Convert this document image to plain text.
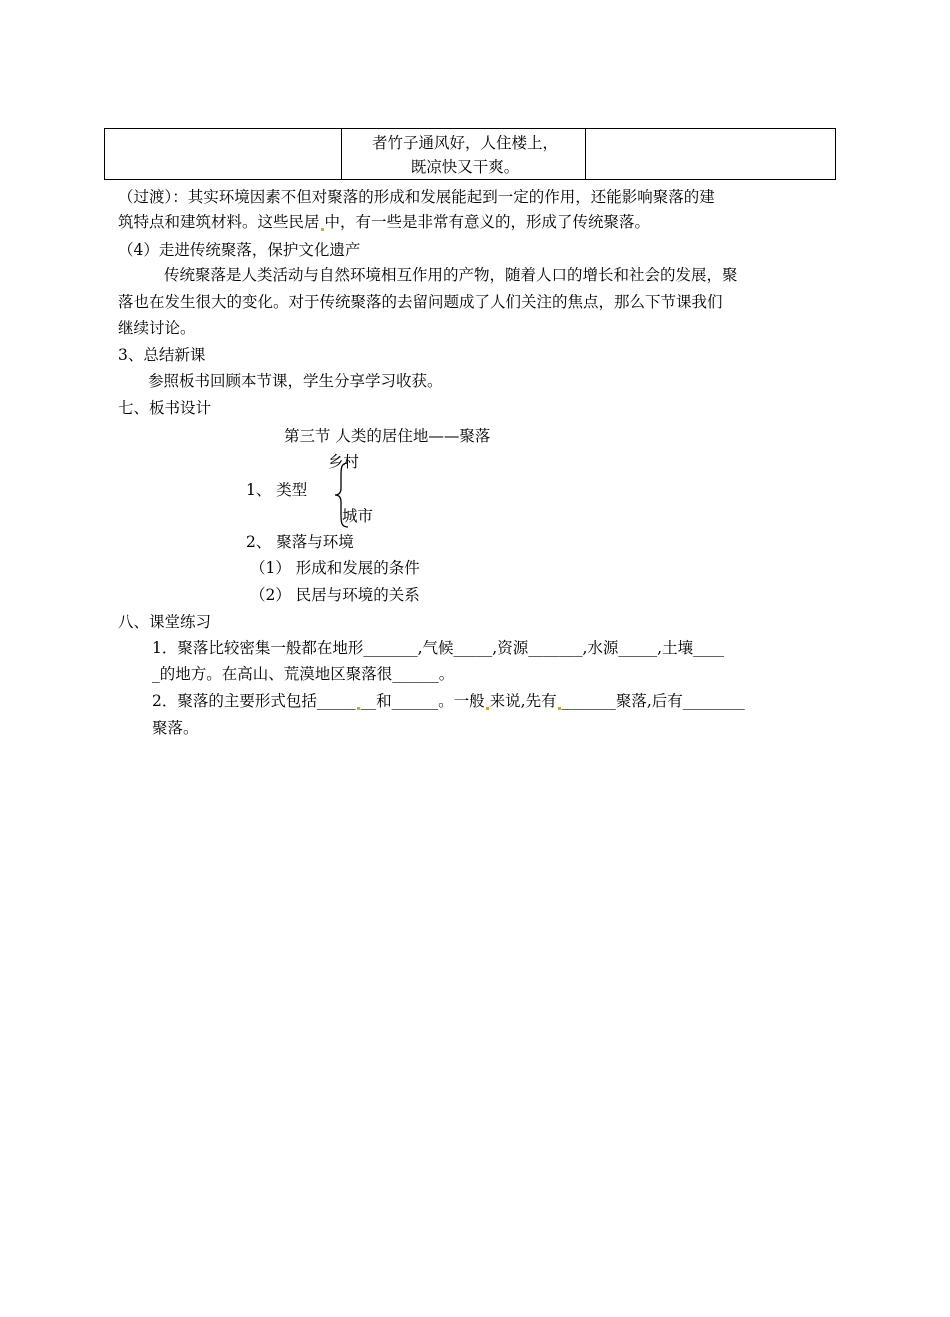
者竹子通风好，人住楼上，
既凉快又干爽。
（过渡）：其实环境因素不但对聚落的形成和发展能起到一定的作用，还能影响聚落的建
筑特点和建筑材料。这些民居 中，有一些是非常有意义的，形成了传统聚落。
（4）走进传统聚落，保护文化遗产
传统聚落是人类活动与自然环境相互作用的产物，随着人口的增长和社会的发展，聚
落也在发生很大的变化。对于传统聚落的去留问题成了人们关注的焦点，那么下节课我们
继续讨论。
3、总结新课
参照板书回顾本节课，学生分享学习收获。
七、板书设计
第三节 人类的居住地——聚落
乡村
1、 类型
城市
2、 聚落与环境
（1） 形成和发展的条件
（2） 民居与环境的关系
八、课堂练习
1．聚落比较密集一般都在地形_______,气候_____,资源_______,水源_____,土壤____
_的地方。在高山、荒漠地区聚落很______。
2．聚落的主要形式包括_____ __和______。一般 来说,先有 _______聚落,后有________
聚落。
